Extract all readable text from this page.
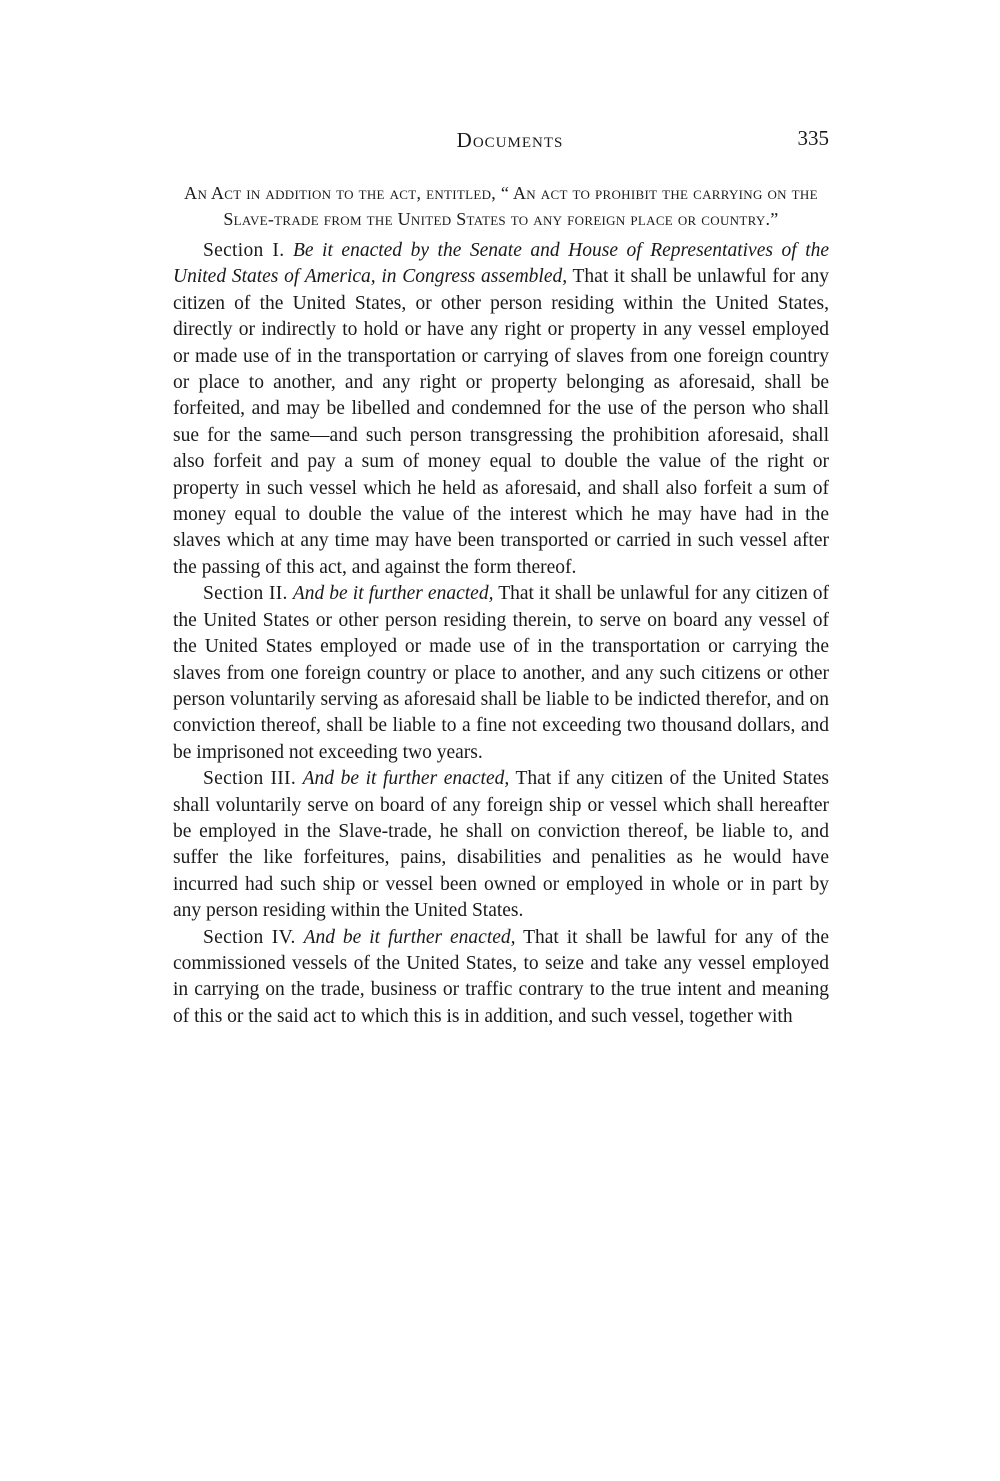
Documents	335
An Act in addition to the act, entitled, “ An act to prohibit the carrying on the Slave-trade from the United States to any foreign place or country.”

Section I. Be it enacted by the Senate and House of Representatives of the United States of America, in Congress assembled, That it shall be unlawful for any citizen of the United States, or other person residing within the United States, directly or indirectly to hold or have any right or property in any vessel employed or made use of in the transportation or carrying of slaves from one foreign country or place to another, and any right or property belonging as aforesaid, shall be forfeited, and may be libelled and condemned for the use of the person who shall sue for the same—and such person transgressing the prohibition aforesaid, shall also forfeit and pay a sum of money equal to double the value of the right or property in such vessel which he held as aforesaid, and shall also forfeit a sum of money equal to double the value of the interest which he may have had in the slaves which at any time may have been transported or carried in such vessel after the passing of this act, and against the form thereof.

Section II. And be it further enacted, That it shall be unlawful for any citizen of the United States or other person residing therein, to serve on board any vessel of the United States employed or made use of in the transportation or carrying the slaves from one foreign country or place to another, and any such citizens or other person voluntarily serving as aforesaid shall be liable to be indicted therefor, and on conviction thereof, shall be liable to a fine not exceeding two thousand dollars, and be imprisoned not exceeding two years.

Section III. And be it further enacted, That if any citizen of the United States shall voluntarily serve on board of any foreign ship or vessel which shall hereafter be employed in the Slave-trade, he shall on conviction thereof, be liable to, and suffer the like forfeitures, pains, disabilities and penalities as he would have incurred had such ship or vessel been owned or employed in whole or in part by any person residing within the United States.

Section IV. And be it further enacted, That it shall be lawful for any of the commissioned vessels of the United States, to seize and take any vessel employed in carrying on the trade, business or traffic contrary to the true intent and meaning of this or the said act to which this is in addition, and such vessel, together with
